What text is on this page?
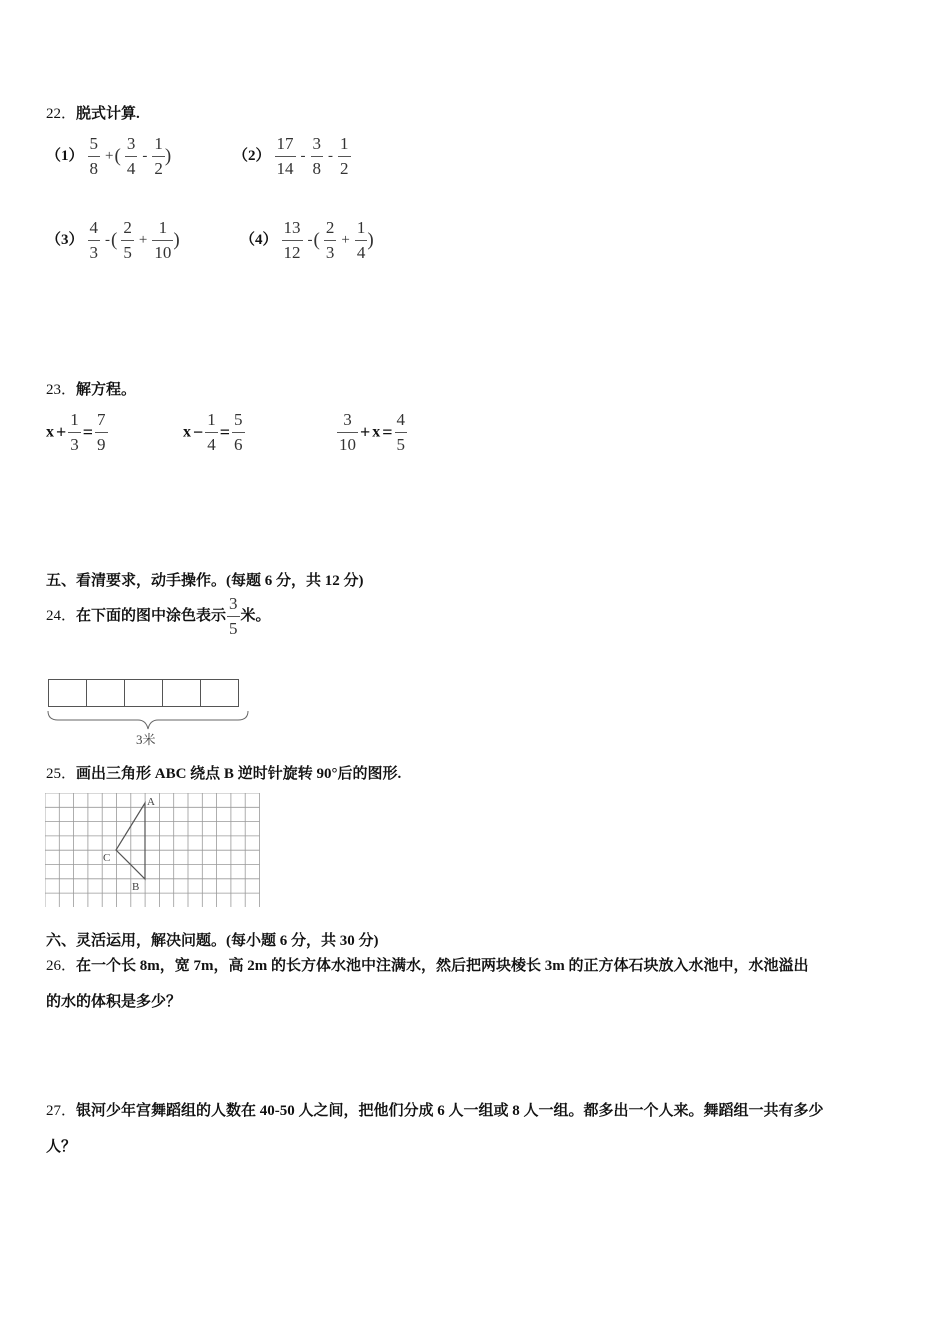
22．脱式计算.
$(1) \frac{5}{8}$ +( $\frac{3}{4} - \frac{1}{2}$ )	$(2) \frac{17}{14} - \frac{3}{8} - \frac{1}{2}$
$(3) \frac{4}{3}$ -( $\frac{2}{5} + \frac{1}{10}$ )	$(4) \frac{13}{12}$ -( $\frac{2}{3} + \frac{1}{4}$ )
23．解方程。
$x + \frac{1}{3} = \frac{7}{9}$	$x - \frac{1}{4} = \frac{5}{6}$	$\frac{3}{10} + x = \frac{4}{5}$
五、看清要求，动手操作。(每题 6 分，共 12 分)
24．在下面的图中涂色表示 $\frac{3}{5}$ 米。
3米
25．画出三角形 ABC 绕点 B 逆时针旋转 90°后的图形.
A
B
C
六、灵活运用，解决问题。(每小题 6 分，共 30 分)
26．在一个长 8m，宽 7m，高 2m 的长方体水池中注满水，然后把两块棱长 3m 的正方体石块放入水池中，水池溢出
的水的体积是多少？
27．银河少年宫舞蹈组的人数在 40-50 人之间，把他们分成 6 人一组或 8 人一组。都多出一个人来。舞蹈组一共有多少
人？
